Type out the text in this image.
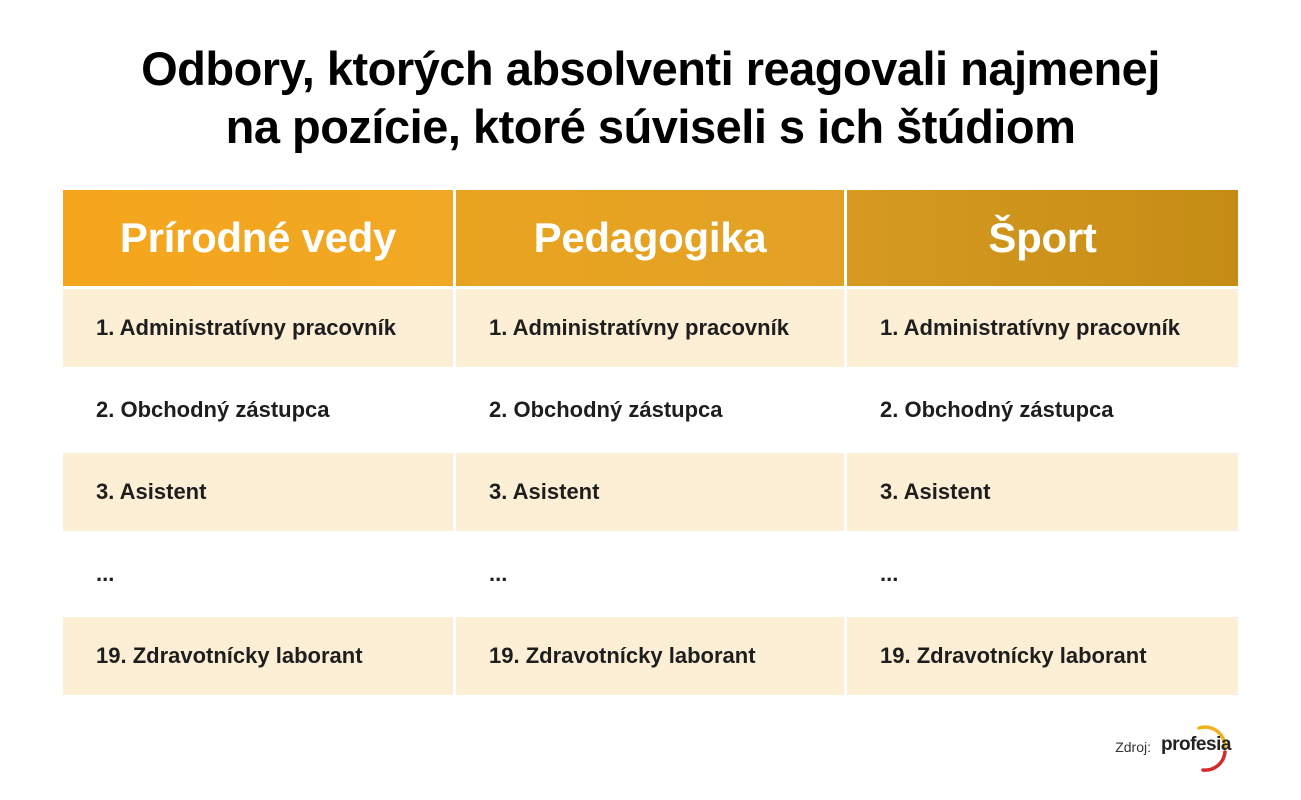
Odbory, ktorých absolventi reagovali najmenej
na pozície, ktoré súviseli s ich štúdiom
Prírodné vedy	Pedagogika	Šport
1. Administratívny pracovník	1. Administratívny pracovník	1. Administratívny pracovník
2. Obchodný zástupca	2. Obchodný zástupca	2. Obchodný zástupca
3. Asistent	3. Asistent	3. Asistent
...	...	...
19. Zdravotnícky laborant	19. Zdravotnícky laborant	19. Zdravotnícky laborant
Zdroj: profesia
